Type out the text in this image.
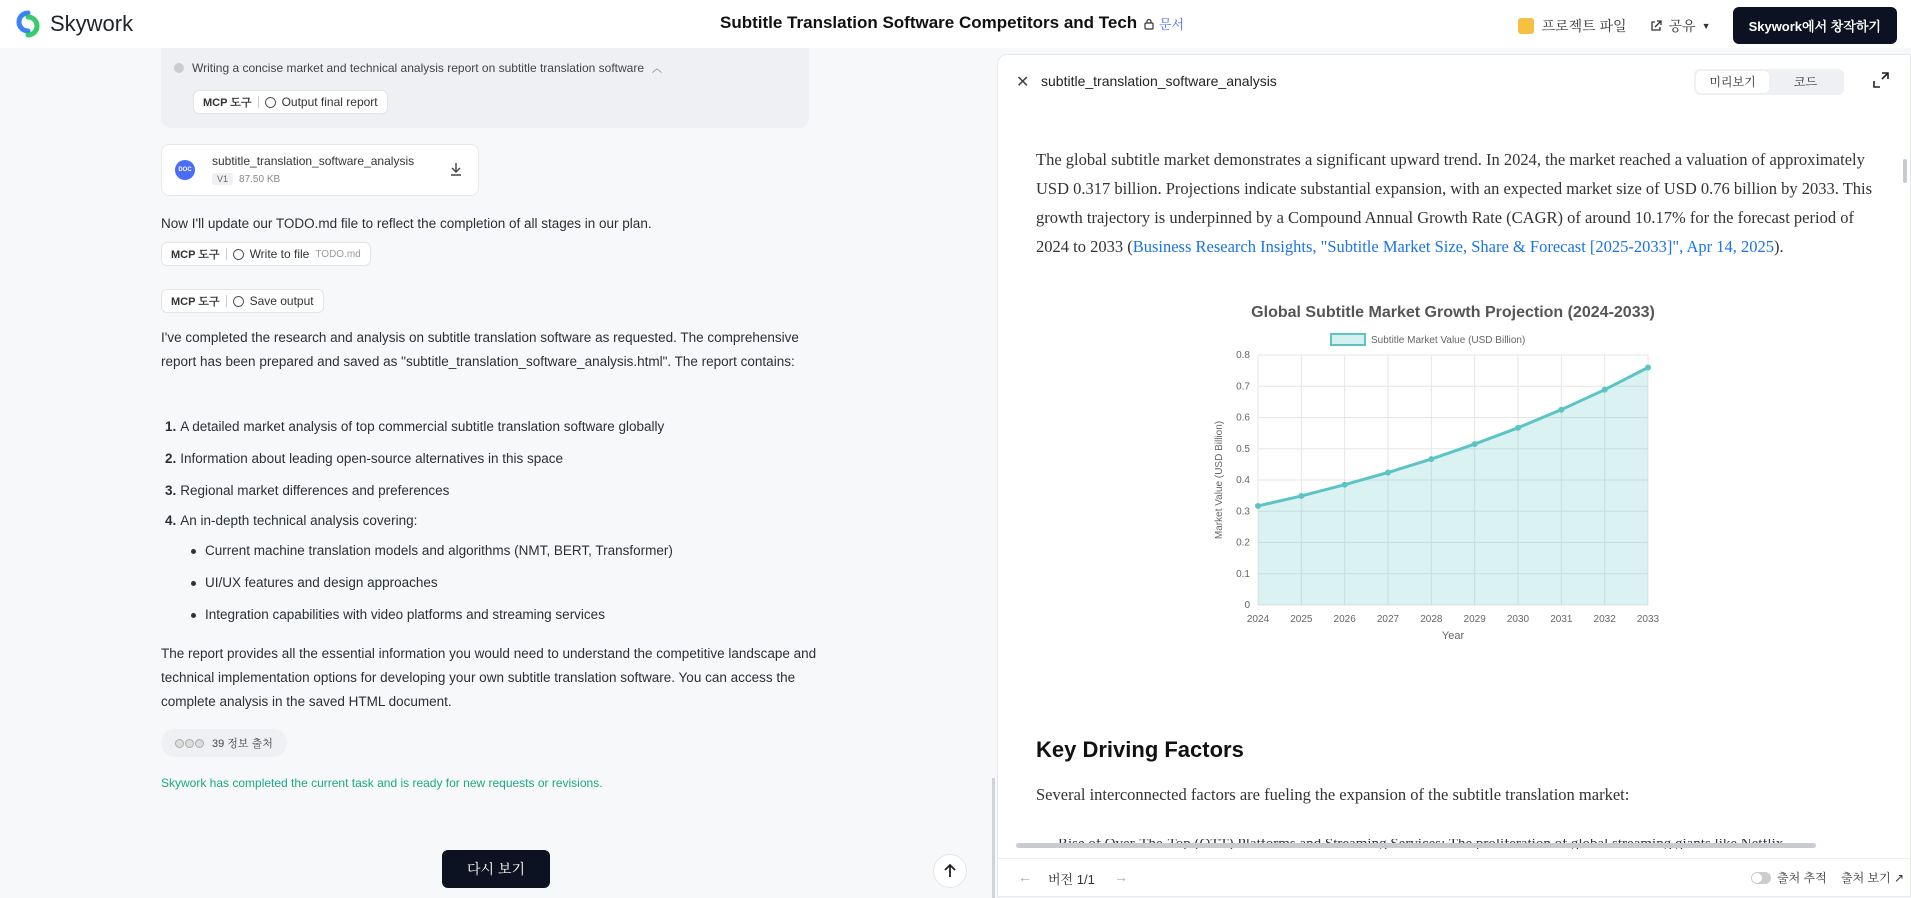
Skywork	Subtitle Translation Software Competitors and Tech 문서	프로젝트 파일	공유 ▼	Skywork에서 창작하기
Writing a concise market and technical analysis report on subtitle translation software ︿
MCP 도구	Output final report
DOC
subtitle_translation_software_analysis
V1	87.50 KB
Now I'll update our TODO.md file to reflect the completion of all stages in our plan.
MCP 도구	Write to file TODO.md
MCP 도구	Save output
I've completed the research and analysis on subtitle translation software as requested. The comprehensive report has been prepared and saved as "subtitle_translation_software_analysis.html". The report contains:
1. A detailed market analysis of top commercial subtitle translation software globally
2. Information about leading open-source alternatives in this space
3. Regional market differences and preferences
4. An in-depth technical analysis covering:
Current machine translation models and algorithms (NMT, BERT, Transformer)
UI/UX features and design approaches
Integration capabilities with video platforms and streaming services
The report provides all the essential information you would need to understand the competitive landscape and technical implementation options for developing your own subtitle translation software. You can access the complete analysis in the saved HTML document.
39 정보 출처
Skywork has completed the current task and is ready for new requests or revisions.
다시 보기
✕ subtitle_translation_software_analysis	미리보기	코드

The global subtitle market demonstrates a significant upward trend. In 2024, the market reached a valuation of approximately USD 0.317 billion. Projections indicate substantial expansion, with an expected market size of USD 0.76 billion by 2033. This growth trajectory is underpinned by a Compound Annual Growth Rate (CAGR) of around 10.17% for the forecast period of 2024 to 2033 (Business Research Insights, "Subtitle Market Size, Share & Forecast [2025-2033]", Apr 14, 2025).

Global Subtitle Market Growth Projection (2024-2033)
Subtitle Market Value (USD Billion)
0
0.1
0.2
0.3
0.4
0.5
0.6
0.7
0.8
2024 2025 2026 2027 2028 2029 2030 2031 2032 2033
Year
Market Value (USD Billion)
Key Driving Factors
Several interconnected factors are fueling the expansion of the subtitle translation market:
← 버전 1/1 →	출처 추적 출처 보기 ↗
